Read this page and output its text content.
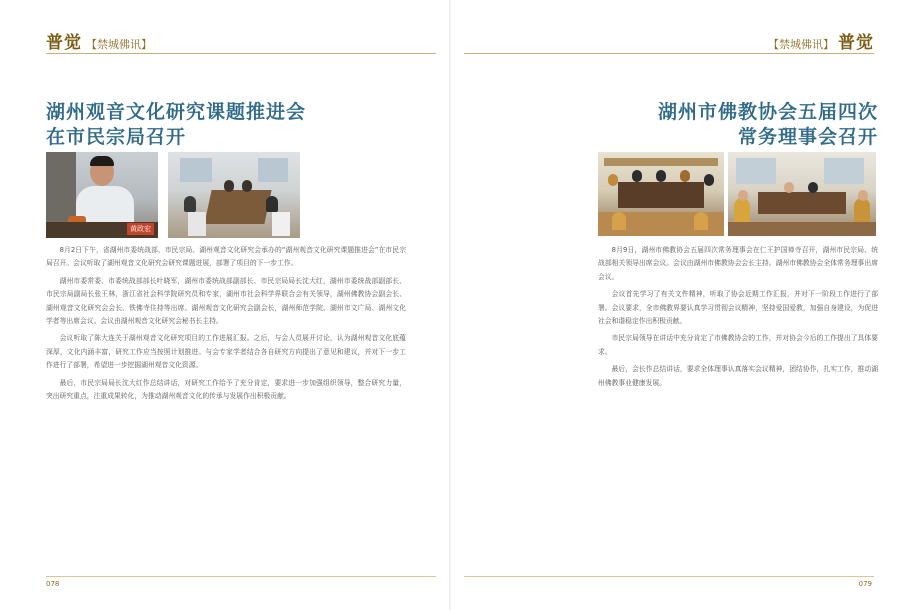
普觉 【禁城佛讯】
湖州观音文化研究课题推进会
在市民宗局召开
黄政宏

8月2日下午，省湖州市委统战部、市民宗局、湖州观音文化研究会承办的“湖州观音文化研究课题推进会”在市民宗局召开。会议听取了湖州观音文化研究会研究课题进展，部署了项目的下一步工作。

湖州市委常委、市委统战部部长叶晓军，湖州市委统战部副部长、市民宗局局长沈大红，湖州市委统战部副部长、市民宗局副局长张王林，浙江省社会科学院研究员和专家，湖州市社会科学界联合会有关领导，湖州佛教协会副会长、湖州观音文化研究会会长、铁佛寺住持等出席。湖州观音文化研究会副会长，湖州师范学院、湖州市文广局、湖州文化学者等出席会议。会议由湖州观音文化研究会秘书长主持。

会议听取了陈大连关于湖州观音文化研究项目的工作进展汇报。之后，与会人员展开讨论，认为湖州观音文化底蕴深厚，文化内涵丰富，研究工作应当按照计划推进。与会专家学者结合各自研究方向提出了意见和建议，并对下一步工作进行了部署，希望进一步挖掘湖州观音文化资源。

最后，市民宗局局长沈大红作总结讲话，对研究工作给予了充分肯定，要求进一步加强组织领导，整合研究力量，突出研究重点，注重成果转化，为推动湖州观音文化的传承与发展作出积极贡献。

078
【禁城佛讯】 普觉
湖州市佛教协会五届四次
常务理事会召开

8月9日，湖州市佛教协会五届四次常务理事会在仁王护国禅寺召开，湖州市民宗局、统战部相关领导出席会议。会议由湖州市佛教协会会长主持。湖州市佛教协会全体常务理事出席会议。

会议首先学习了有关文件精神，听取了协会近期工作汇报，并对下一阶段工作进行了部署。会议要求，全市佛教界要认真学习贯彻会议精神，坚持爱国爱教，加强自身建设，为促进社会和谐稳定作出积极贡献。

市民宗局领导在讲话中充分肯定了市佛教协会的工作，并对协会今后的工作提出了具体要求。

最后，会长作总结讲话，要求全体理事认真落实会议精神，团结协作，扎实工作，推动湖州佛教事业健康发展。

079
